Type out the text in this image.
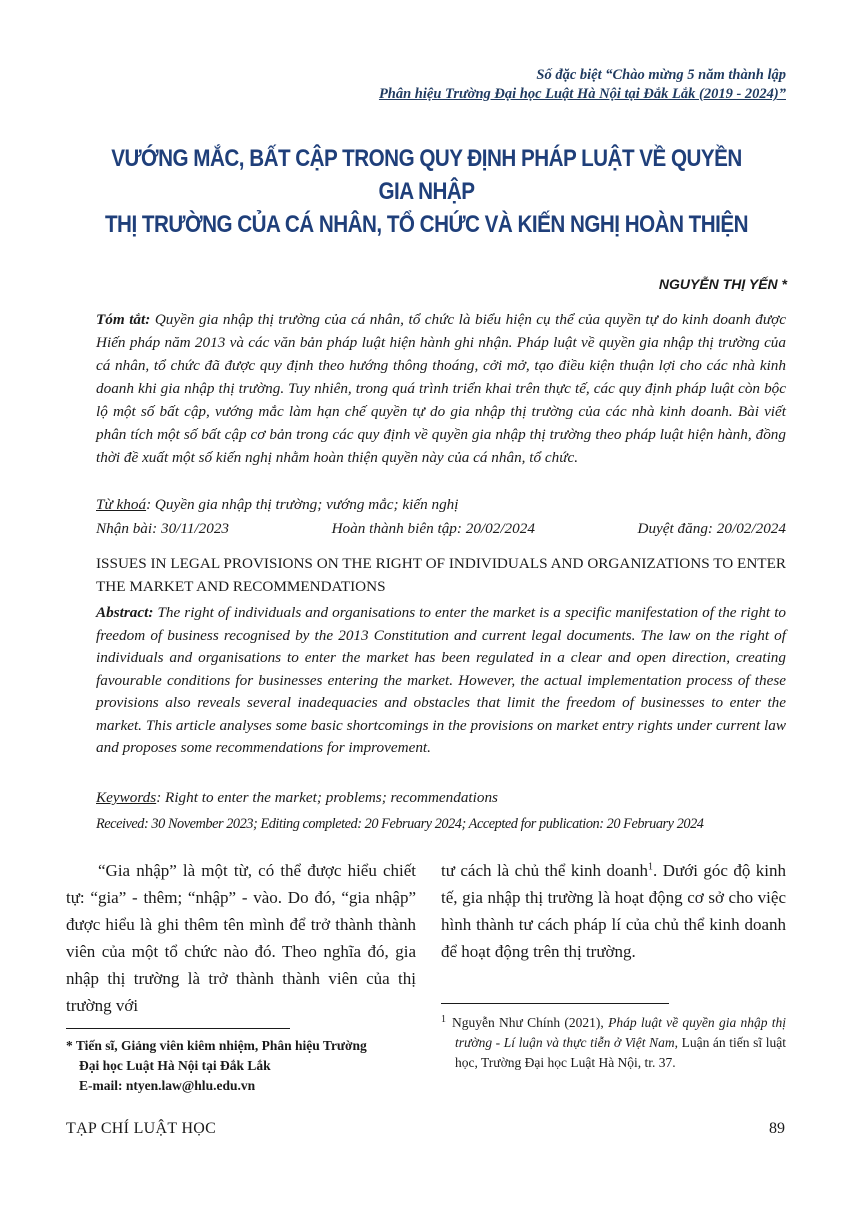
Số đặc biệt “Chào mừng 5 năm thành lập
Phân hiệu Trường Đại học Luật Hà Nội tại Đắk Lắk (2019 - 2024)”
VƯỚNG MẮC, BẤT CẬP TRONG QUY ĐỊNH PHÁP LUẬT VỀ QUYỀN GIA NHẬP
THỊ TRƯỜNG CỦA CÁ NHÂN, TỔ CHỨC VÀ KIẾN NGHỊ HOÀN THIỆN
NGUYỄN THỊ YẾN *
Tóm tắt: Quyền gia nhập thị trường của cá nhân, tổ chức là biểu hiện cụ thể của quyền tự do kinh doanh được Hiến pháp năm 2013 và các văn bản pháp luật hiện hành ghi nhận. Pháp luật về quyền gia nhập thị trường của cá nhân, tổ chức đã được quy định theo hướng thông thoáng, cởi mở, tạo điều kiện thuận lợi cho các nhà kinh doanh khi gia nhập thị trường. Tuy nhiên, trong quá trình triển khai trên thực tế, các quy định pháp luật còn bộc lộ một số bất cập, vướng mắc làm hạn chế quyền tự do gia nhập thị trường của các nhà kinh doanh. Bài viết phân tích một số bất cập cơ bản trong các quy định về quyền gia nhập thị trường theo pháp luật hiện hành, đồng thời đề xuất một số kiến nghị nhằm hoàn thiện quyền này của cá nhân, tổ chức.
Từ khoá: Quyền gia nhập thị trường; vướng mắc; kiến nghị
Nhận bài: 30/11/2023	Hoàn thành biên tập: 20/02/2024	Duyệt đăng: 20/02/2024
ISSUES IN LEGAL PROVISIONS ON THE RIGHT OF INDIVIDUALS AND ORGANIZATIONS TO ENTER THE MARKET AND RECOMMENDATIONS
Abstract: The right of individuals and organisations to enter the market is a specific manifestation of the right to freedom of business recognised by the 2013 Constitution and current legal documents. The law on the right of individuals and organisations to enter the market has been regulated in a clear and open direction, creating favourable conditions for businesses entering the market. However, the actual implementation process of these provisions also reveals several inadequacies and obstacles that limit the freedom of businesses to enter the market. This article analyses some basic shortcomings in the provisions on market entry rights under current law and proposes some recommendations for improvement.
Keywords: Right to enter the market; problems; recommendations
Received: 30 November 2023; Editing completed: 20 February 2024; Accepted for publication: 20 February 2024
“Gia nhập” là một từ, có thể được hiểu chiết tự: “gia” - thêm; “nhập” - vào. Do đó, “gia nhập” được hiểu là ghi thêm tên mình để trở thành thành viên của một tổ chức nào đó. Theo nghĩa đó, gia nhập thị trường là trở thành thành viên của thị trường với
tư cách là chủ thể kinh doanh$^1$. Dưới góc độ kinh tế, gia nhập thị trường là hoạt động cơ sở cho việc hình thành tư cách pháp lí của chủ thể kinh doanh để hoạt động trên thị trường.
* Tiến sĩ, Giảng viên kiêm nhiệm, Phân hiệu Trường
Đại học Luật Hà Nội tại Đắk Lắk
E-mail: ntyen.law@hlu.edu.vn
$^1$ Nguyễn Như Chính (2021), Pháp luật về quyền gia nhập thị trường - Lí luận và thực tiễn ở Việt Nam, Luận án tiến sĩ luật học, Trường Đại học Luật Hà Nội, tr. 37.
TẠP CHÍ LUẬT HỌC	89
